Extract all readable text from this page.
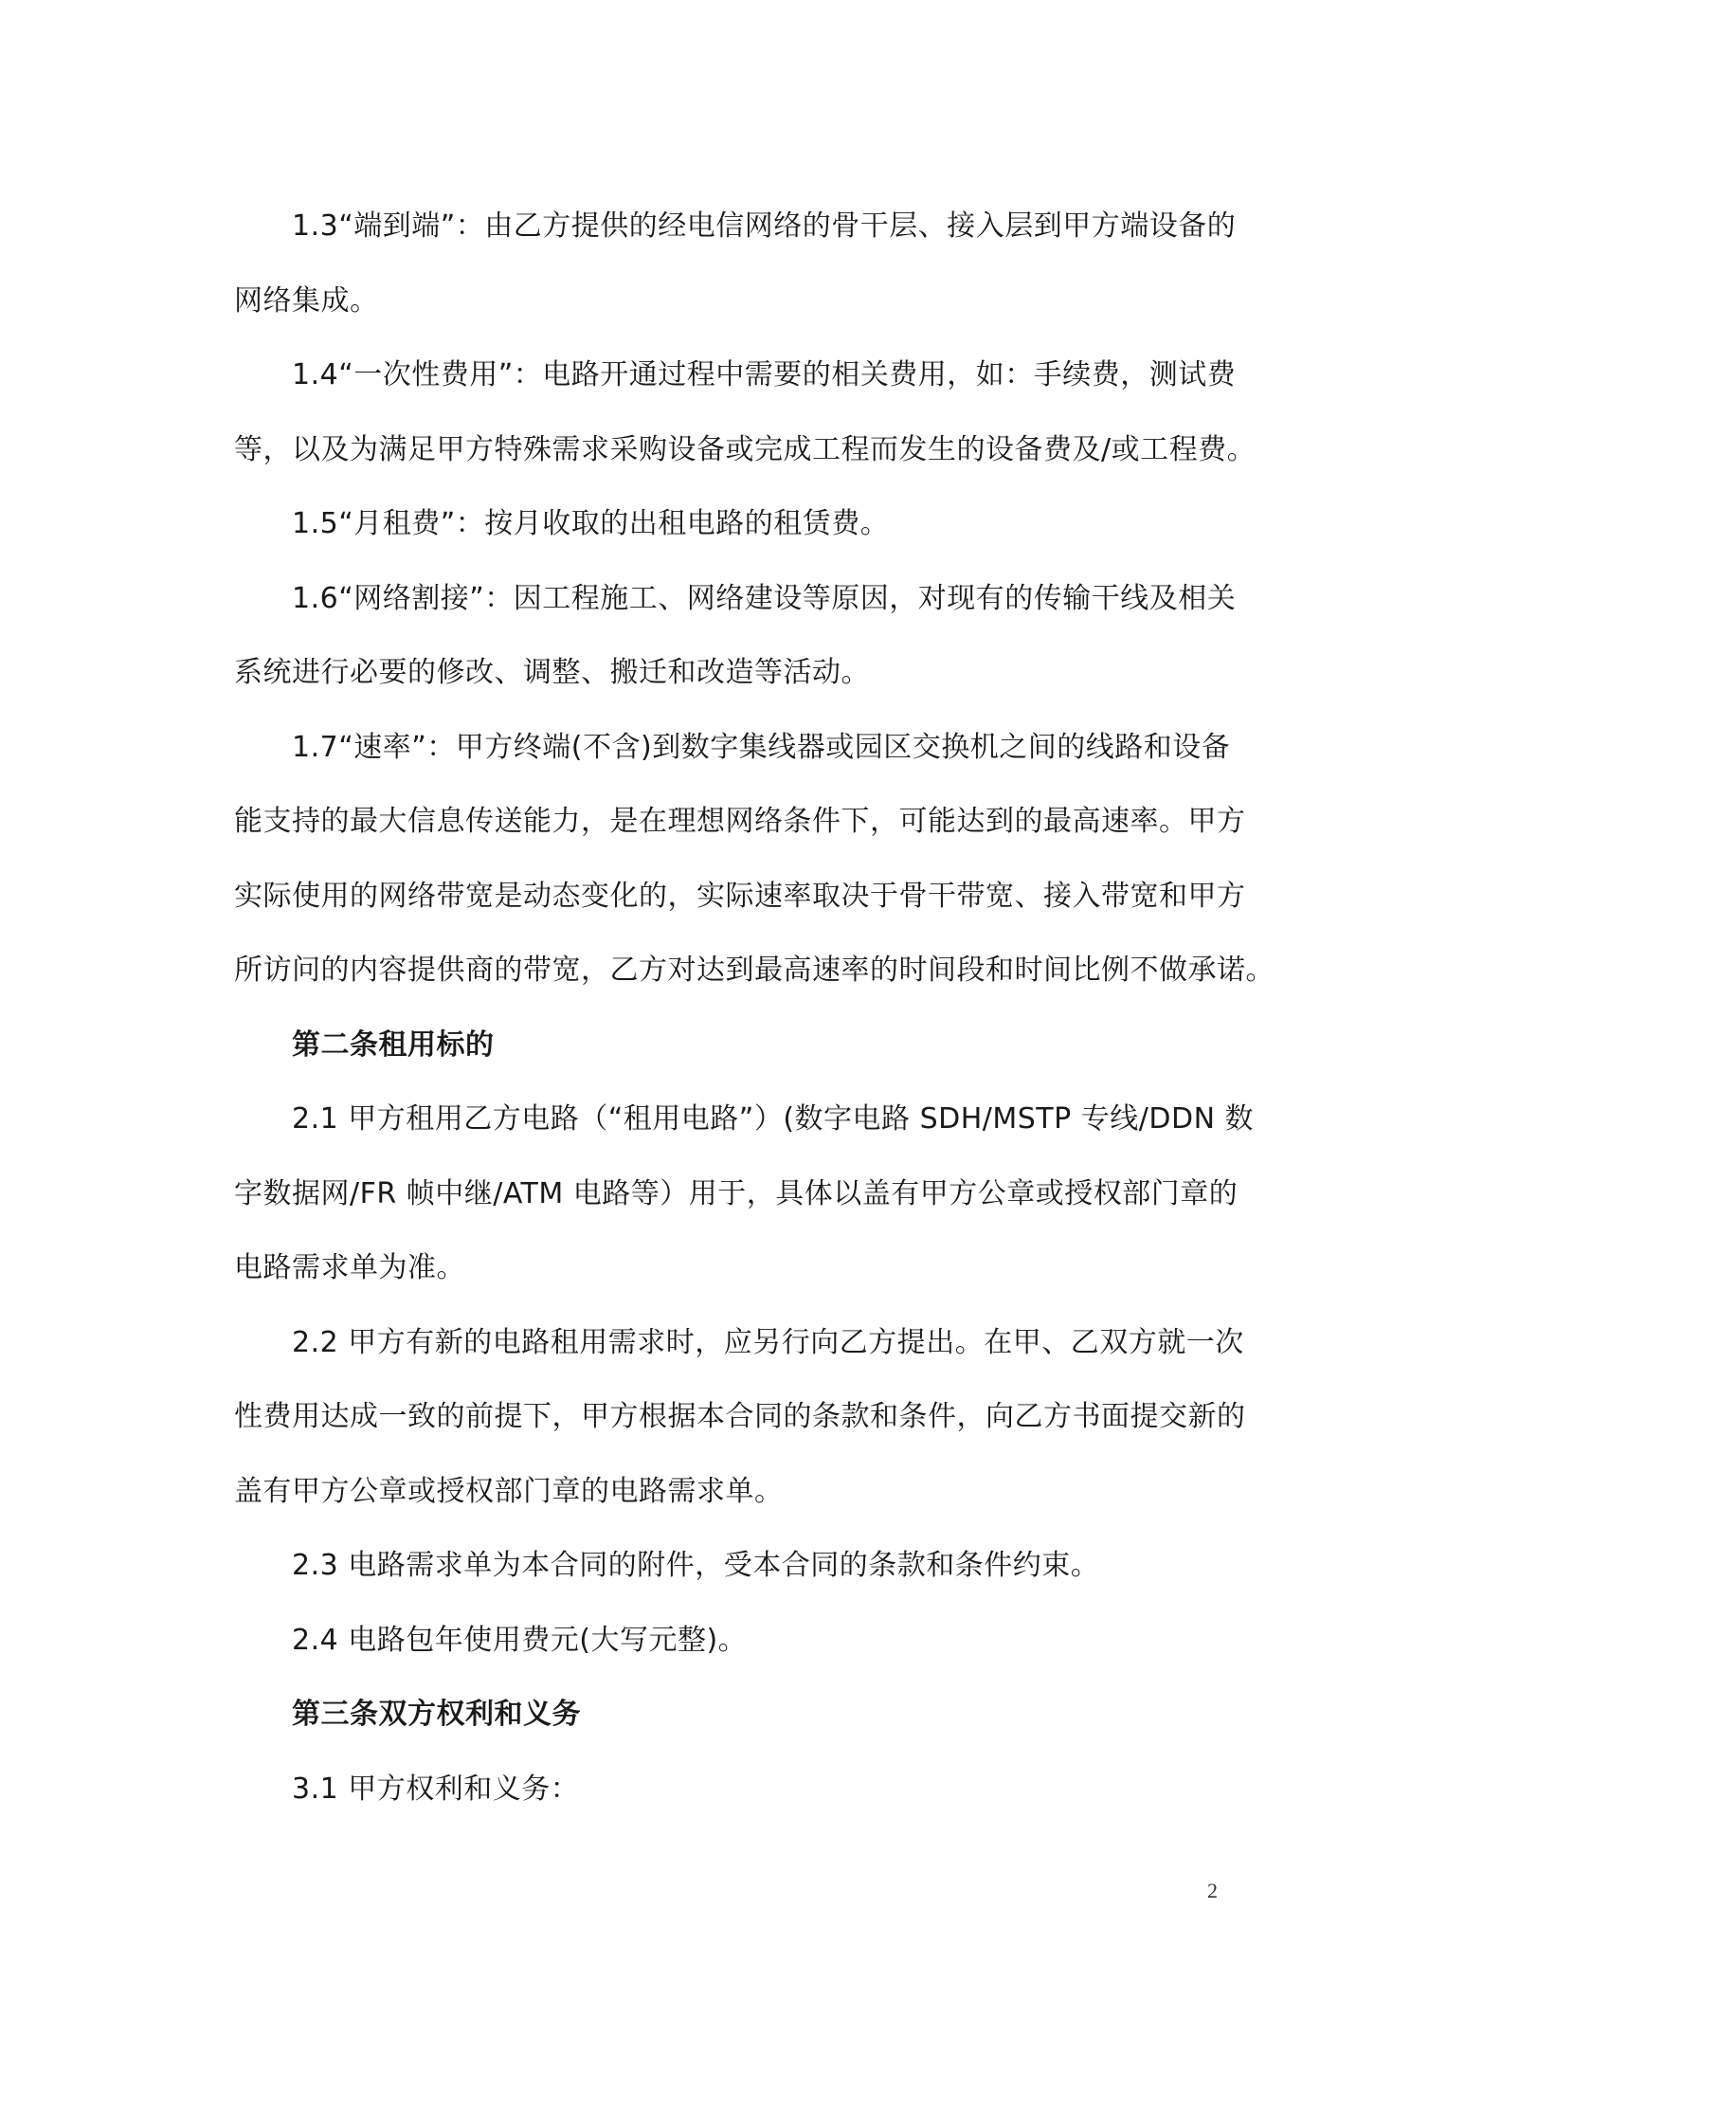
1.3“端到端”：由乙方提供的经电信网络的骨干层、接入层到甲方端设备的
网络集成。
1.4“一次性费用”：电路开通过程中需要的相关费用，如：手续费，测试费
等，以及为满足甲方特殊需求采购设备或完成工程而发生的设备费及/或工程费。
1.5“月租费”：按月收取的出租电路的租赁费。
1.6“网络割接”：因工程施工、网络建设等原因，对现有的传输干线及相关
系统进行必要的修改、调整、搬迁和改造等活动。
1.7“速率”：甲方终端(不含)到数字集线器或园区交换机之间的线路和设备
能支持的最大信息传送能力，是在理想网络条件下，可能达到的最高速率。甲方
实际使用的网络带宽是动态变化的，实际速率取决于骨干带宽、接入带宽和甲方
所访问的内容提供商的带宽，乙方对达到最高速率的时间段和时间比例不做承诺。
第二条租用标的
2.1 甲方租用乙方电路（“租用电路”）(数字电路 SDH/MSTP 专线/DDN 数
字数据网/FR 帧中继/ATM 电路等）用于，具体以盖有甲方公章或授权部门章的
电路需求单为准。
2.2 甲方有新的电路租用需求时，应另行向乙方提出。在甲、乙双方就一次
性费用达成一致的前提下，甲方根据本合同的条款和条件，向乙方书面提交新的
盖有甲方公章或授权部门章的电路需求单。
2.3 电路需求单为本合同的附件，受本合同的条款和条件约束。
2.4 电路包年使用费元(大写元整)。
第三条双方权利和义务
3.1 甲方权利和义务：
2
